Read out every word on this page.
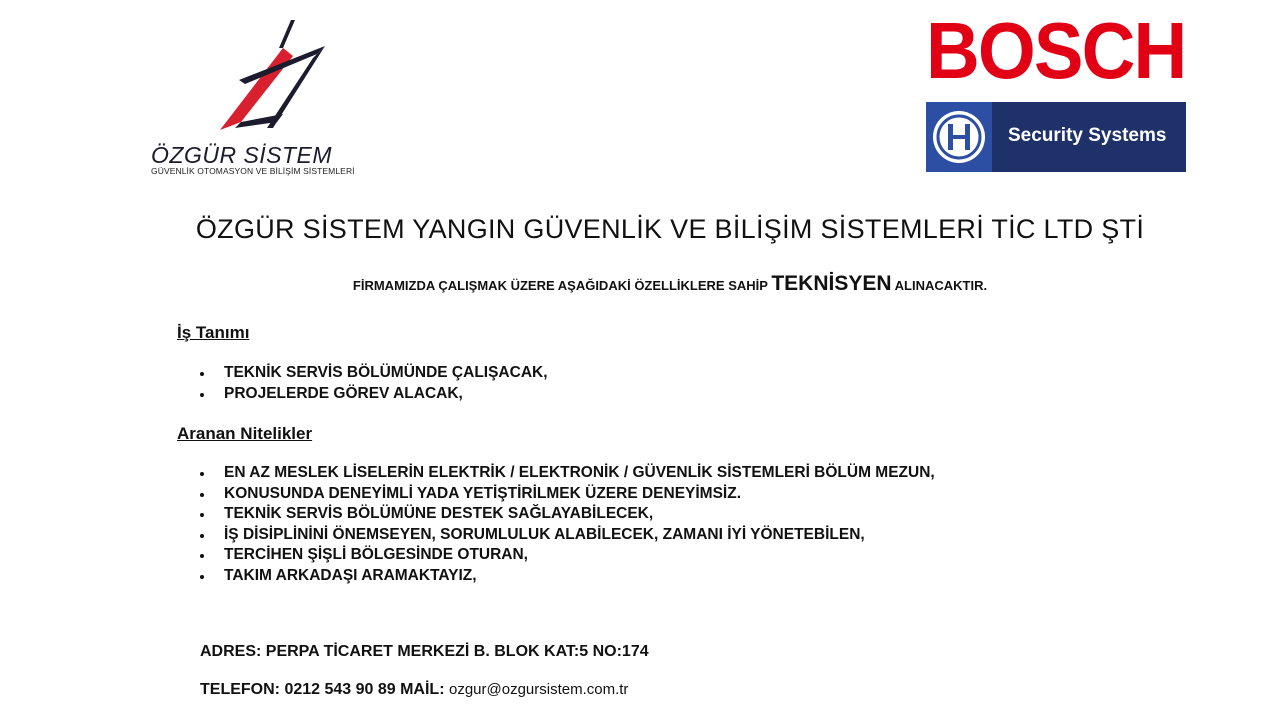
ÖZGÜR SİSTEM
GÜVENLİK OTOMASYON VE BİLİŞİM SİSTEMLERİ
BOSCH
Security Systems
ÖZGÜR SİSTEM YANGIN GÜVENLİK VE BİLİŞİM SİSTEMLERİ TİC LTD ŞTİ
FİRMAMIZDA ÇALIŞMAK ÜZERE AŞAĞIDAKİ ÖZELLİKLERE SAHİP TEKNİSYEN ALINACAKTIR.
İş Tanımı
TEKNİK SERVİS BÖLÜMÜNDE ÇALIŞACAK,
PROJELERDE GÖREV ALACAK,
Aranan Nitelikler
EN AZ MESLEK LİSELERİN ELEKTRİK / ELEKTRONİK / GÜVENLİK SİSTEMLERİ BÖLÜM MEZUN,
KONUSUNDA DENEYİMLİ YADA YETİŞTİRİLMEK ÜZERE DENEYİMSİZ.
TEKNİK SERVİS BÖLÜMÜNE DESTEK SAĞLAYABİLECEK,
İŞ DİSİPLİNİNİ ÖNEMSEYEN, SORUMLULUK ALABİLECEK, ZAMANI İYİ YÖNETEBİLEN,
TERCİHEN ŞİŞLİ BÖLGESİNDE OTURAN,
TAKIM ARKADAŞI ARAMAKTAYIZ,
ADRES: PERPA TİCARET MERKEZİ B. BLOK KAT:5 NO:174
TELEFON: 0212 543 90 89 MAİL: ozgur@ozgursistem.com.tr
